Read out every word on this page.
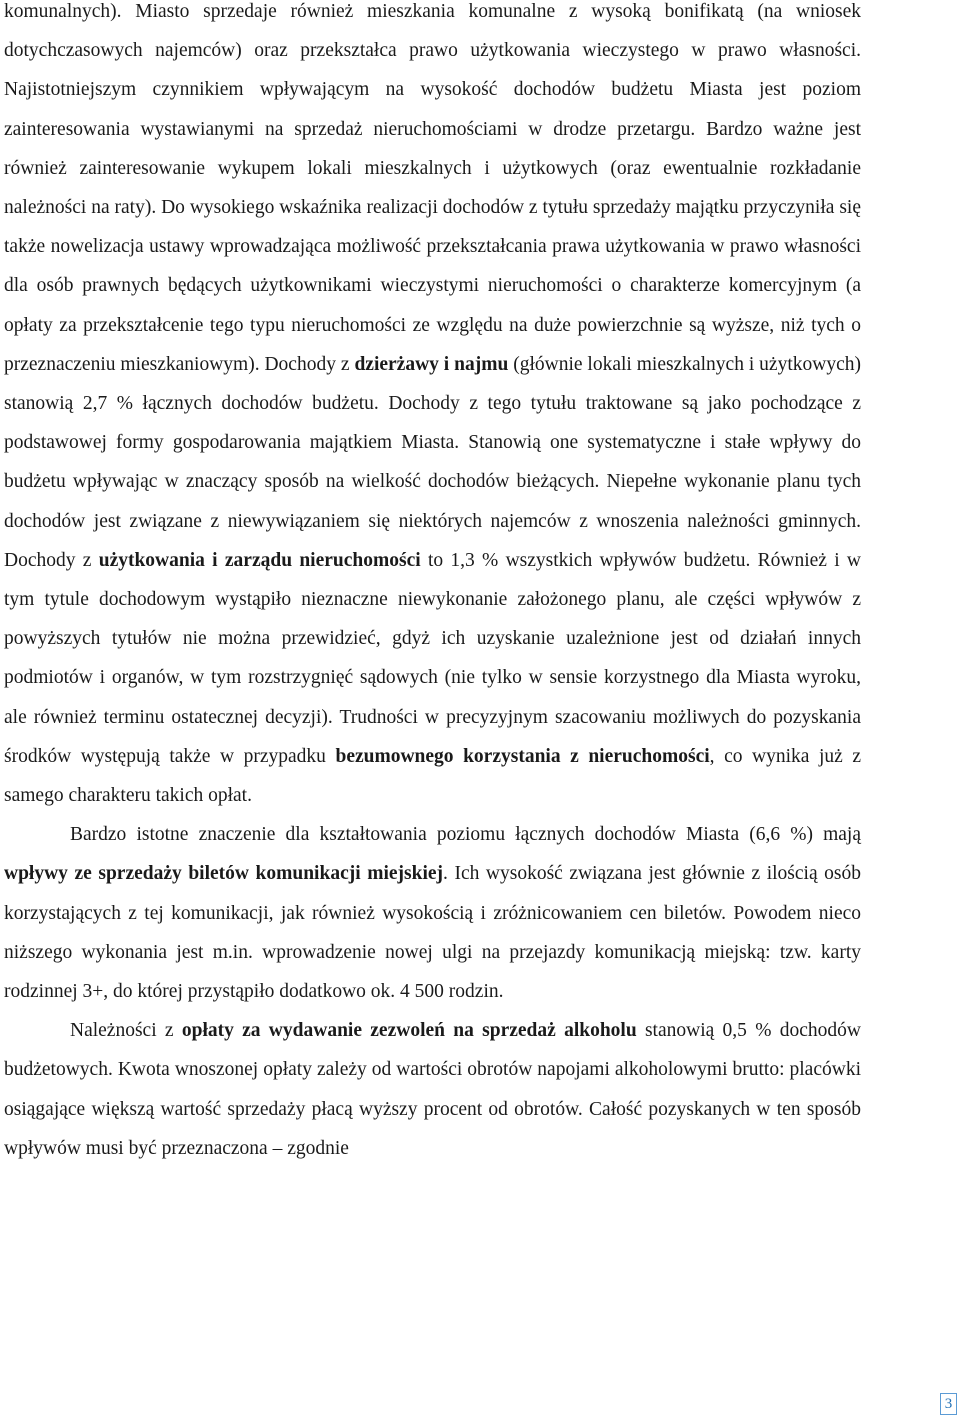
komunalnych). Miasto sprzedaje również mieszkania komunalne z wysoką bonifikatą (na wniosek dotychczasowych najemców) oraz przekształca prawo użytkowania wieczystego w prawo własności. Najistotniejszym czynnikiem wpływającym na wysokość dochodów budżetu Miasta jest poziom zainteresowania wystawianymi na sprzedaż nieruchomościami w drodze przetargu. Bardzo ważne jest również zainteresowanie wykupem lokali mieszkalnych i użytkowych (oraz ewentualnie rozkładanie należności na raty). Do wysokiego wskaźnika realizacji dochodów z tytułu sprzedaży majątku przyczyniła się także nowelizacja ustawy wprowadzająca możliwość przekształcania prawa użytkowania w prawo własności dla osób prawnych będących użytkownikami wieczystymi nieruchomości o charakterze komercyjnym (a opłaty za przekształcenie tego typu nieruchomości ze względu na duże powierzchnie są wyższe, niż tych o przeznaczeniu mieszkaniowym). Dochody z dzierżawy i najmu (głównie lokali mieszkalnych i użytkowych) stanowią 2,7 % łącznych dochodów budżetu. Dochody z tego tytułu traktowane są jako pochodzące z podstawowej formy gospodarowania majątkiem Miasta. Stanowią one systematyczne i stałe wpływy do budżetu wpływając w znaczący sposób na wielkość dochodów bieżących. Niepełne wykonanie planu tych dochodów jest związane z niewywiązaniem się niektórych najemców z wnoszenia należności gminnych. Dochody z użytkowania i zarządu nieruchomości to 1,3 % wszystkich wpływów budżetu. Również i w tym tytule dochodowym wystąpiło nieznaczne niewykonanie założonego planu, ale części wpływów z powyższych tytułów nie można przewidzieć, gdyż ich uzyskanie uzależnione jest od działań innych podmiotów i organów, w tym rozstrzygnięć sądowych (nie tylko w sensie korzystnego dla Miasta wyroku, ale również terminu ostatecznej decyzji). Trudności w precyzyjnym szacowaniu możliwych do pozyskania środków występują także w przypadku bezumownego korzystania z nieruchomości, co wynika już z samego charakteru takich opłat.

Bardzo istotne znaczenie dla kształtowania poziomu łącznych dochodów Miasta (6,6 %) mają wpływy ze sprzedaży biletów komunikacji miejskiej. Ich wysokość związana jest głównie z ilością osób korzystających z tej komunikacji, jak również wysokością i zróżnicowaniem cen biletów. Powodem nieco niższego wykonania jest m.in. wprowadzenie nowej ulgi na przejazdy komunikacją miejską: tzw. karty rodzinnej 3+, do której przystąpiło dodatkowo ok. 4 500 rodzin.

Należności z opłaty za wydawanie zezwoleń na sprzedaż alkoholu stanowią 0,5 % dochodów budżetowych. Kwota wnoszonej opłaty zależy od wartości obrotów napojami alkoholowymi brutto: placówki osiągające większą wartość sprzedaży płacą wyższy procent od obrotów. Całość pozyskanych w ten sposób wpływów musi być przeznaczona – zgodnie

3
